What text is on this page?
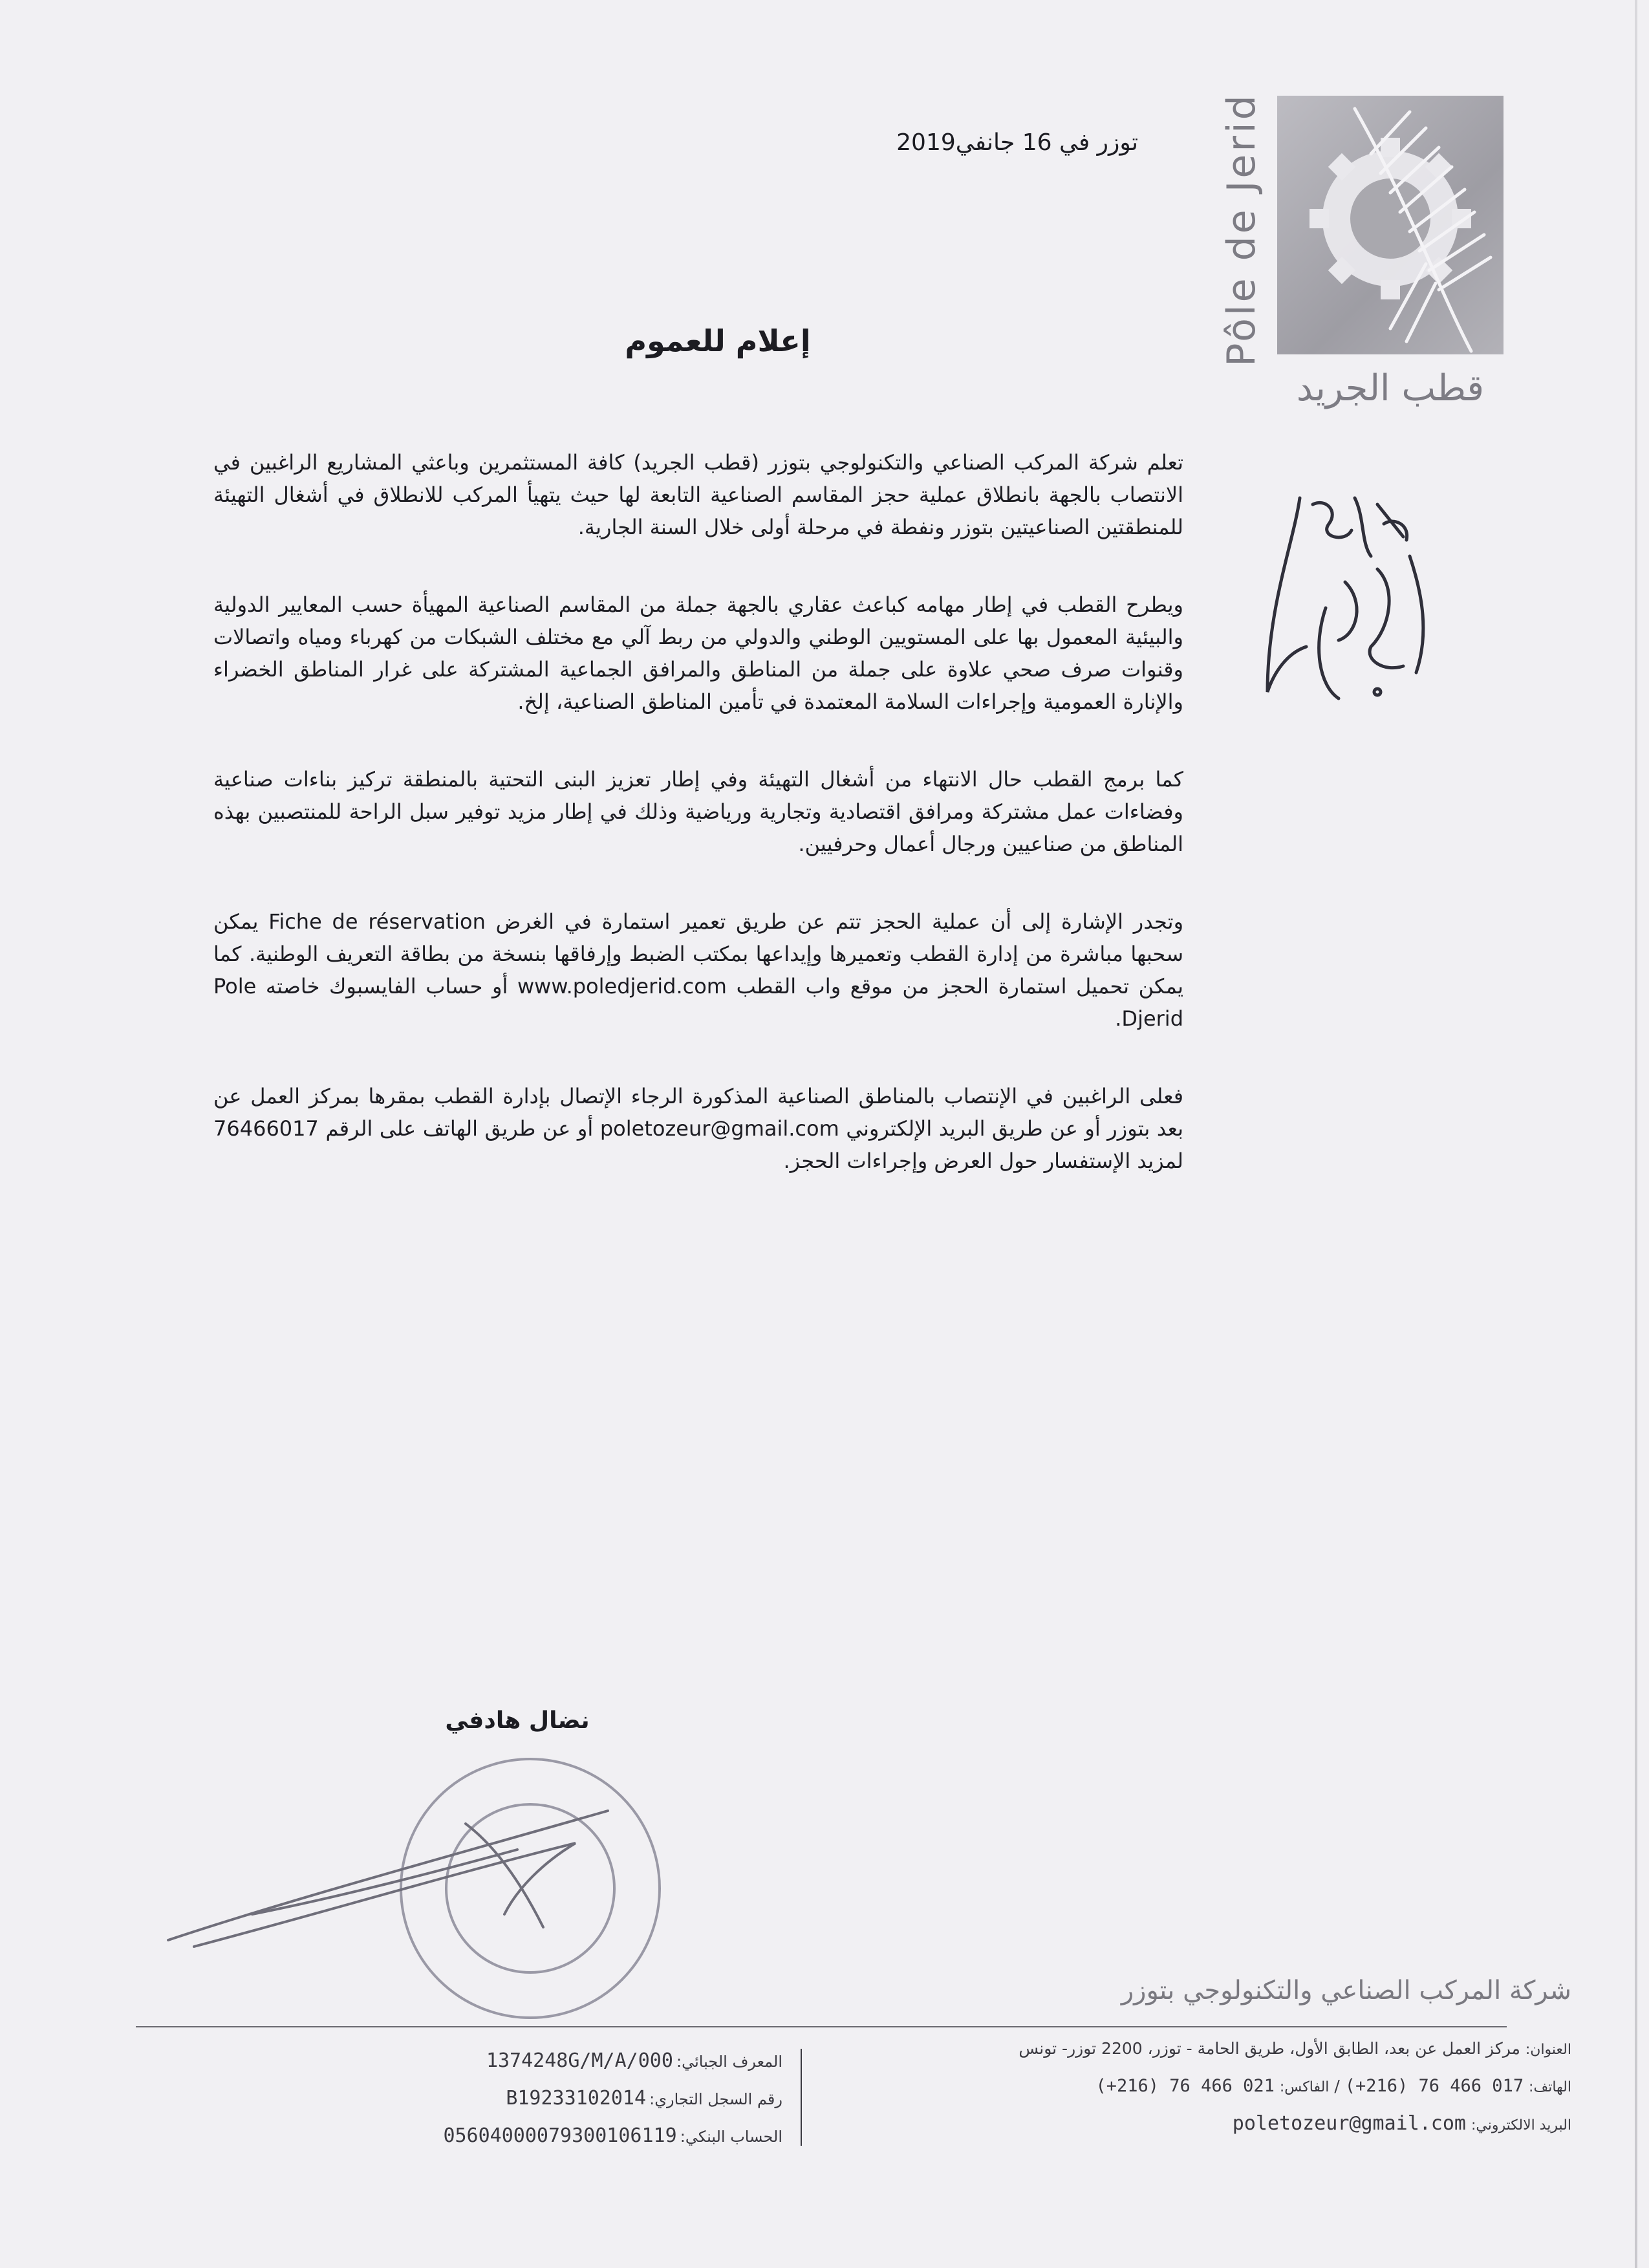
Pôle de Jerid
قطب الجريد
توزر في 16 جانفي2019
إعلام للعموم

تعلم شركة المركب الصناعي والتكنولوجي بتوزر (قطب الجريد) كافة المستثمرين وباعثي المشاريع الراغبين في الانتصاب بالجهة بانطلاق عملية حجز المقاسم الصناعية التابعة لها حيث يتهيأ المركب للانطلاق في أشغال التهيئة للمنطقتين الصناعيتين بتوزر ونفطة في مرحلة أولى خلال السنة الجارية.

ويطرح القطب في إطار مهامه كباعث عقاري بالجهة جملة من المقاسم الصناعية المهيأة حسب المعايير الدولية والبيئية المعمول بها على المستويين الوطني والدولي من ربط آلي مع مختلف الشبكات من كهرباء ومياه واتصالات وقنوات صرف صحي علاوة على جملة من المناطق والمرافق الجماعية المشتركة على غرار المناطق الخضراء والإنارة العمومية وإجراءات السلامة المعتمدة في تأمين المناطق الصناعية، إلخ.

كما برمج القطب حال الانتهاء من أشغال التهيئة وفي إطار تعزيز البنى التحتية بالمنطقة تركيز بناءات صناعية وفضاءات عمل مشتركة ومرافق اقتصادية وتجارية ورياضية وذلك في إطار مزيد توفير سبل الراحة للمنتصبين بهذه المناطق من صناعيين ورجال أعمال وحرفيين.

وتجدر الإشارة إلى أن عملية الحجز تتم عن طريق تعمير استمارة في الغرض Fiche de réservation يمكن سحبها مباشرة من إدارة القطب وتعميرها وإيداعها بمكتب الضبط وإرفاقها بنسخة من بطاقة التعريف الوطنية. كما يمكن تحميل استمارة الحجز من موقع واب القطب www.poledjerid.com أو حساب الفايسبوك خاصته Pole Djerid.

فعلى الراغبين في الإنتصاب بالمناطق الصناعية المذكورة الرجاء الإتصال بإدارة القطب بمقرها بمركز العمل عن بعد بتوزر أو عن طريق البريد الإلكتروني poletozeur@gmail.com أو عن طريق الهاتف على الرقم 76466017 لمزيد الإستفسار حول العرض وإجراءات الحجز.

نضال هادفي
شركة المركب الصناعي والتكنولوجي بتوزر
العنوان: مركز العمل عن بعد، الطابق الأول، طريق الحامة - توزر، 2200 توزر- تونس
الهاتف: (+216) 76 466 017 / الفاكس: (+216) 76 466 021
البريد الالكتروني: poletozeur@gmail.com
المعرف الجبائي: 1374248G/M/A/000
رقم السجل التجاري: B19233102014
الحساب البنكي: 05604000079300106119
